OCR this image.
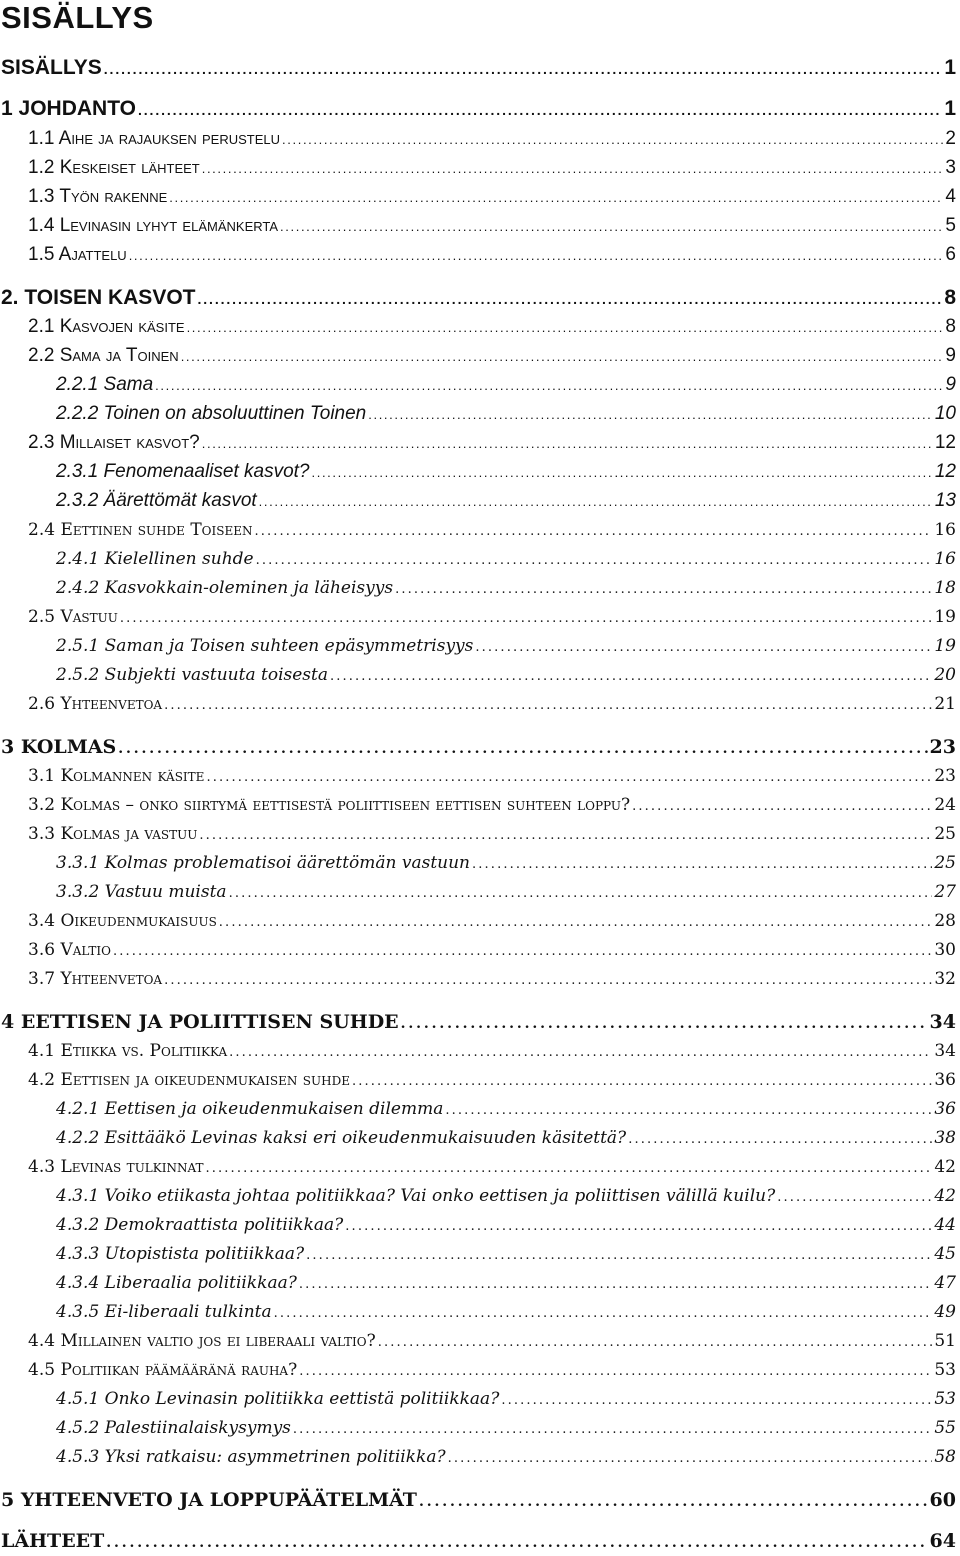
SISÄLLYS
SISÄLLYS . . .	1
1 JOHDANTO . . .	1
1.1 Aihe ja rajauksen perustelu . . .	2
1.2 Keskeiset lähteet . . .	3
1.3 Työn rakenne . . .	4
1.4 Levinasin lyhyt elämänkerta . . .	5
1.5 Ajattelu . . .	6
2. TOISEN KASVOT . . .	8
2.1 Kasvojen käsite . . .	8
2.2 Sama ja Toinen . . .	9
2.2.1 Sama . . .	9
2.2.2 Toinen on absoluuttinen Toinen . . .	10
2.3 Millaiset kasvot? . . .	12
2.3.1 Fenomenaaliset kasvot? . . .	12
2.3.2 Äärettömät kasvot . . .	13
2.4 Eettinen suhde Toiseen . . .	16
2.4.1 Kielellinen suhde . . .	16
2.4.2 Kasvokkain-oleminen ja läheisyys . . .	18
2.5 Vastuu . . .	19
2.5.1 Saman ja Toisen suhteen epäsymmetrisyys . . .	19
2.5.2 Subjekti vastuuta toisesta . . .	20
2.6 Yhteenvetoa . . .	21
3 KOLMAS . . .	23
3.1 Kolmannen käsite . . .	23
3.2 Kolmas – onko siirtymä eettisestä poliittiseen eettisen suhteen loppu? . . .	24
3.3 Kolmas ja vastuu . . .	25
3.3.1 Kolmas problematisoi äärettömän vastuun . . .	25
3.3.2 Vastuu muista . . .	27
3.4 Oikeudenmukaisuus . . .	28
3.6 Valtio . . .	30
3.7 Yhteenvetoa . . .	32
4 EETTISEN JA POLIITTISEN SUHDE . . .	34
4.1 Etiikka vs. Politiikka . . .	34
4.2 Eettisen ja oikeudenmukaisen suhde . . .	36
4.2.1 Eettisen ja oikeudenmukaisen dilemma . . .	36
4.2.2 Esittääkö Levinas kaksi eri oikeudenmukaisuuden käsitettä? . . .	38
4.3 Levinas tulkinnat . . .	42
4.3.1 Voiko etiikasta johtaa politiikkaa? Vai onko eettisen ja poliittisen välillä kuilu? . . .	42
4.3.2 Demokraattista politiikkaa? . . .	44
4.3.3 Utopistista politiikkaa? . . .	45
4.3.4 Liberaalia politiikkaa? . . .	47
4.3.5 Ei-liberaali tulkinta . . .	49
4.4 Millainen valtio jos ei liberaali valtio? . . .	51
4.5 Politiikan päämääränä rauha? . . .	53
4.5.1 Onko Levinasin politiikka eettistä politiikkaa? . . .	53
4.5.2 Palestiinalaiskysymys . . .	55
4.5.3 Yksi ratkaisu: asymmetrinen politiikka? . . .	58
5 YHTEENVETO JA LOPPUPÄÄTELMÄT . . .	60
LÄHTEET . . .	64
